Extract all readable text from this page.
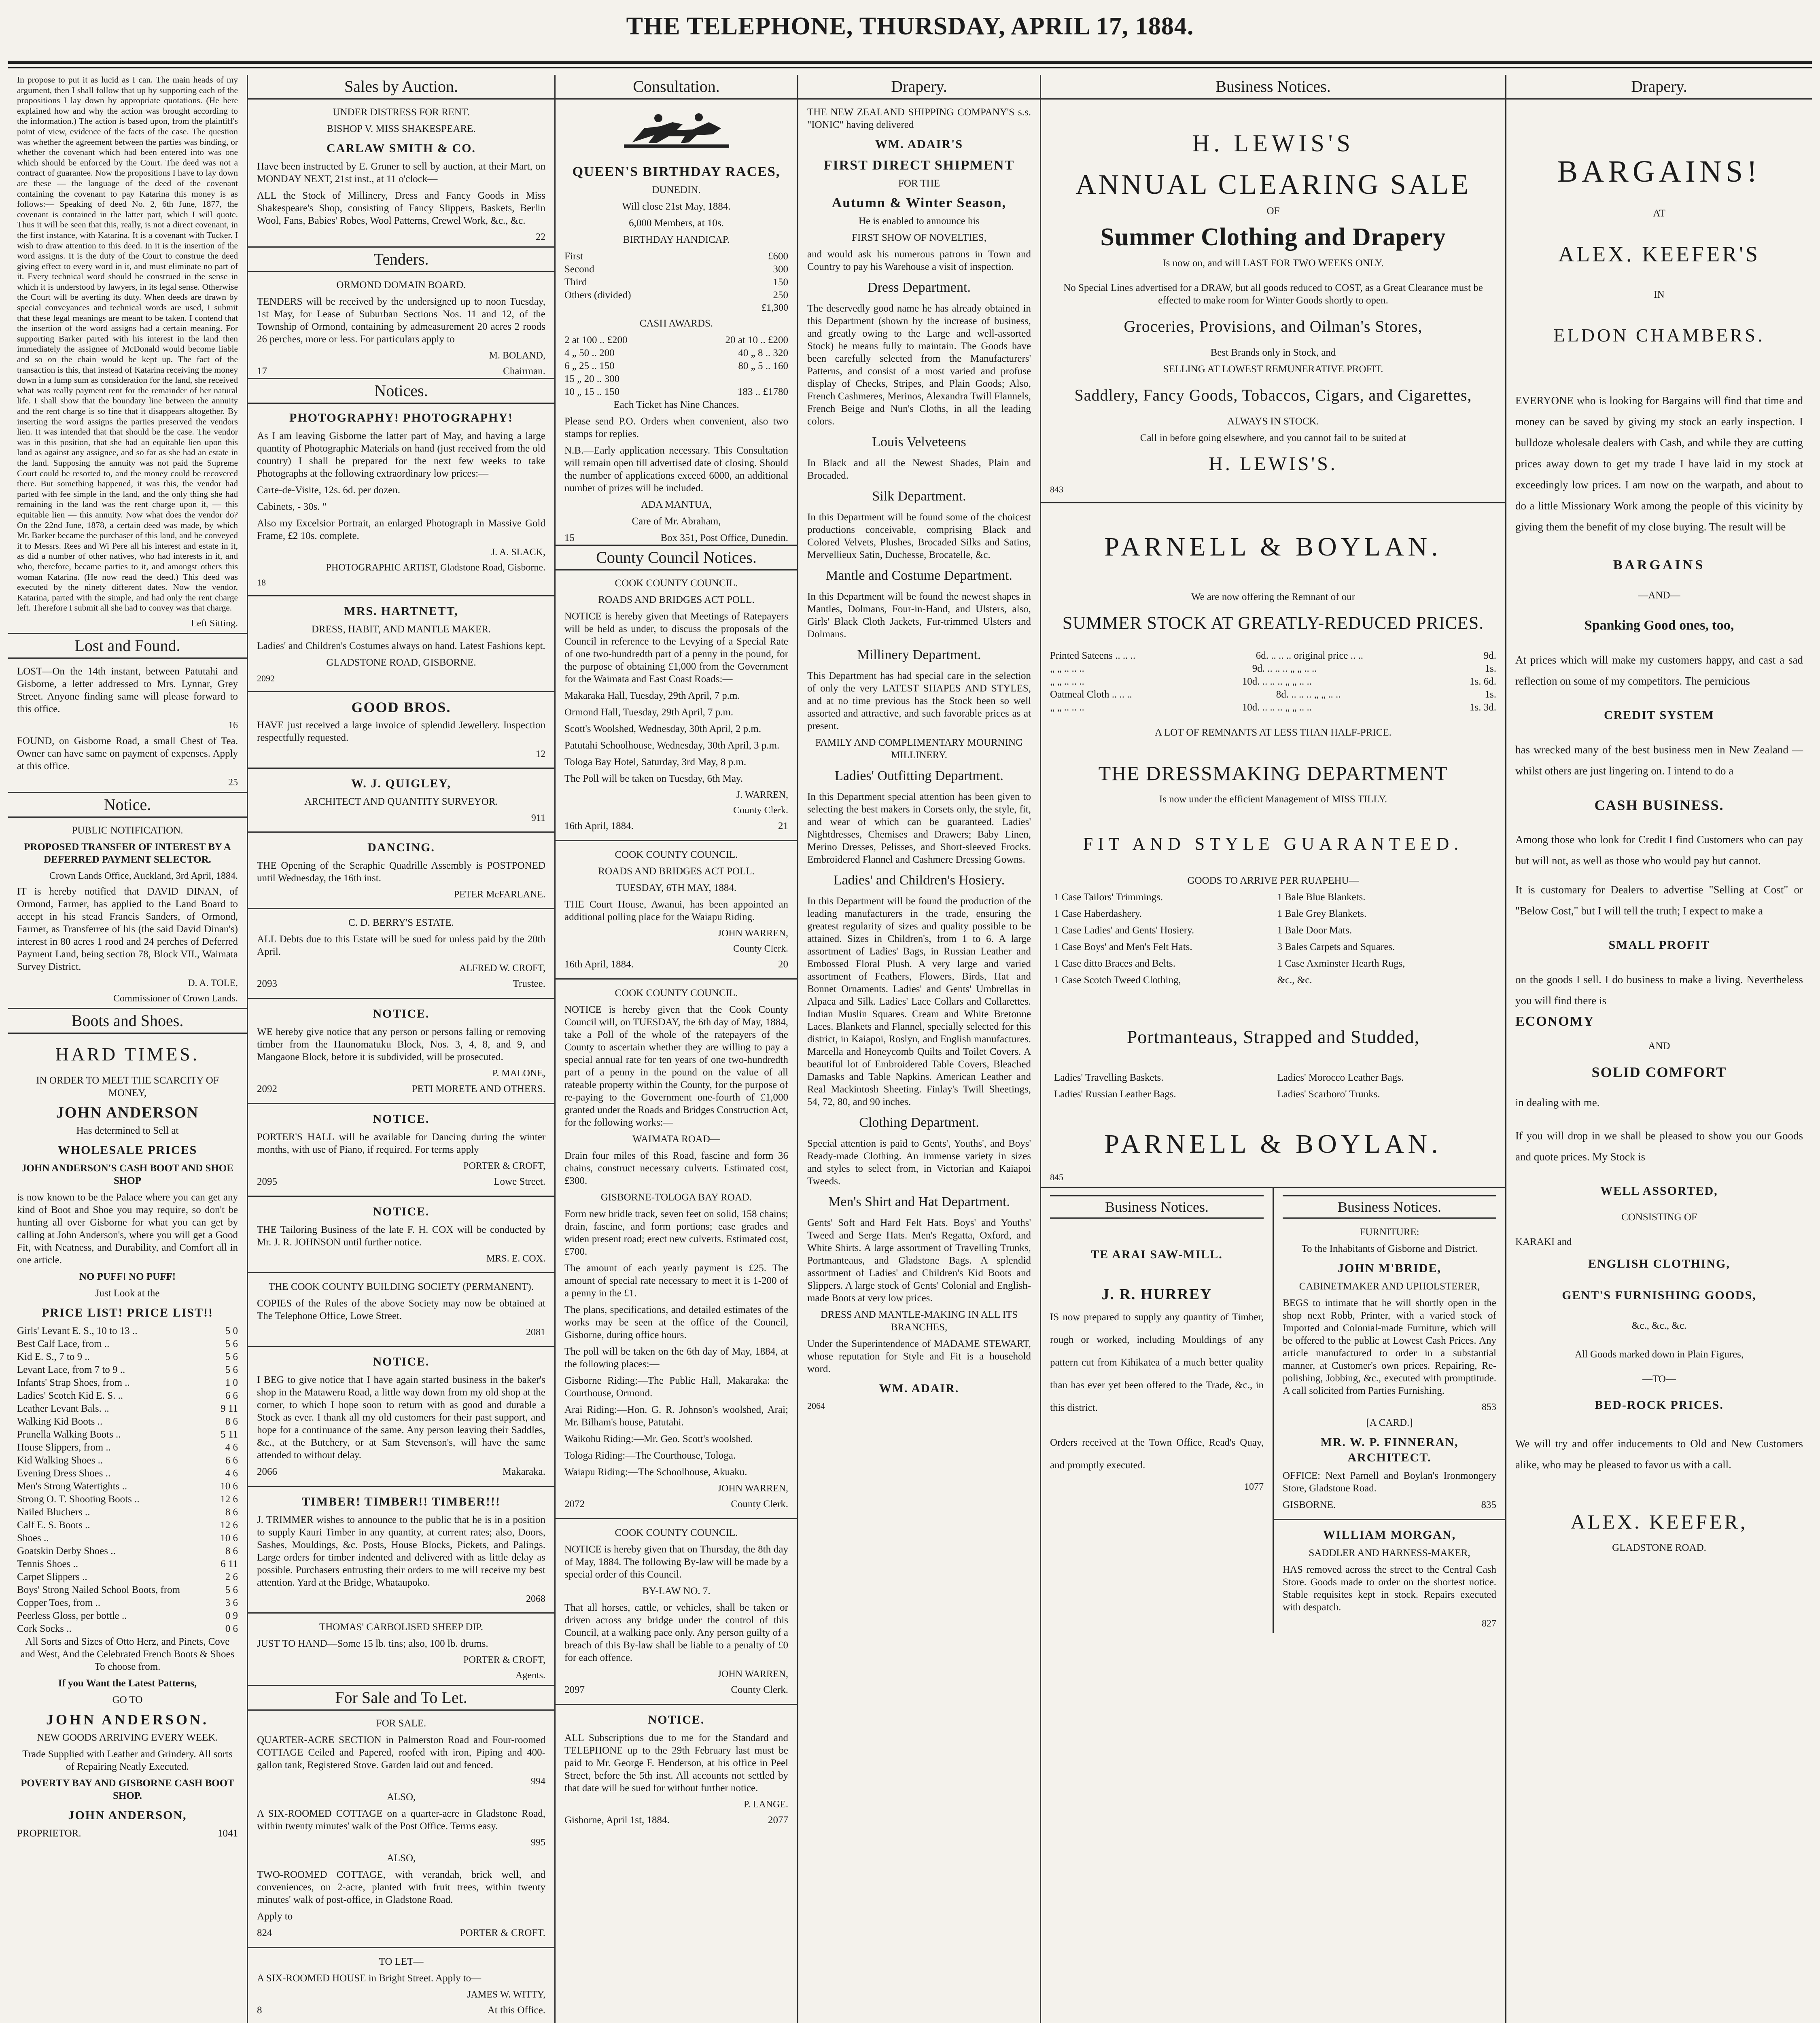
THE TELEPHONE, THURSDAY, APRIL 17, 1884.
In propose to put it as lucid as I can. The main heads of my argument, then I shall follow that up by supporting each of the propositions I lay down by appropriate quotations. (He here explained how and why the action was brought according to the information.) The action is based upon, from the plaintiff's point of view, evidence of the facts of the case. The question was whether the agreement between the parties was binding, or whether the covenant which had been entered into was one which should be enforced by the Court. The deed was not a contract of guarantee. Now the propositions I have to lay down are these — the language of the deed of the covenant containing the covenant to pay Katarina this money is as follows:— Speaking of deed No. 2, 6th June, 1877, the covenant is contained in the latter part, which I will quote. Thus it will be seen that this, really, is not a direct covenant, in the first instance, with Katarina. It is a covenant with Tucker. I wish to draw attention to this deed. In it is the insertion of the word assigns. It is the duty of the Court to construe the deed giving effect to every word in it, and must eliminate no part of it. Every technical word should be construed in the sense in which it is understood by lawyers, in its legal sense. Otherwise the Court will be averting its duty. When deeds are drawn by special conveyances and technical words are used, I submit that these legal meanings are meant to be taken. I contend that the insertion of the word assigns had a certain meaning. For supporting Barker parted with his interest in the land then immediately the assignee of McDonald would become liable and so on the chain would be kept up. The fact of the transaction is this, that instead of Katarina receiving the money down in a lump sum as consideration for the land, she received what was really payment rent for the remainder of her natural life. I shall show that the boundary line between the annuity and the rent charge is so fine that it disappears altogether. By inserting the word assigns the parties preserved the vendors lien. It was intended that that should be the case. The vendor was in this position, that she had an equitable lien upon this land as against any assignee, and so far as she had an estate in the land. Supposing the annuity was not paid the Supreme Court could be resorted to, and the money could be recovered there. But something happened, it was this, the vendor had parted with fee simple in the land, and the only thing she had remaining in the land was the rent charge upon it, — this equitable lien — this annuity. Now what does the vendor do? On the 22nd June, 1878, a certain deed was made, by which Mr. Barker became the purchaser of this land, and he conveyed it to Messrs. Rees and Wi Pere all his interest and estate in it, as did a number of other natives, who had interests in it, and who, therefore, became parties to it, and amongst others this woman Katarina. (He now read the deed.) This deed was executed by the ninety different dates. Now the vendor, Katarina, parted with the simple, and had only the rent charge left. Therefore I submit all she had to convey was that charge.
Left Sitting.
Lost and Found.
LOST—On the 14th instant, between Patutahi and Gisborne, a letter addressed to Mrs. Lynnar, Grey Street. Anyone finding same will please forward to this office.
16
FOUND, on Gisborne Road, a small Chest of Tea. Owner can have same on payment of expenses. Apply at this office.
25
Notice.
PUBLIC NOTIFICATION.
PROPOSED TRANSFER OF INTEREST BY A DEFERRED PAYMENT SELECTOR.
Crown Lands Office, Auckland, 3rd April, 1884.
IT is hereby notified that DAVID DINAN, of Ormond, Farmer, has applied to the Land Board to accept in his stead Francis Sanders, of Ormond, Farmer, as Transferree of his (the said David Dinan's) interest in 80 acres 1 rood and 24 perches of Deferred Payment Land, being section 78, Block VII., Waimata Survey District.
D. A. TOLE,
Commissioner of Crown Lands.
Boots and Shoes.
HARD TIMES.
IN ORDER TO MEET THE SCARCITY OF MONEY,
JOHN ANDERSON
Has determined to Sell at
WHOLESALE PRICES
JOHN ANDERSON'S CASH BOOT AND SHOE SHOP
is now known to be the Palace where you can get any kind of Boot and Shoe you may require, so don't be hunting all over Gisborne for what you can get by calling at John Anderson's, where you will get a Good Fit, with Neatness, and Durability, and Comfort all in one article.
NO PUFF! NO PUFF!
Just Look at the
PRICE LIST! PRICE LIST!!
Girls' Levant E. S., 10 to 13 ..	5 0
Best Calf Lace, from ..	5 6
Kid E. S., 7 to 9 ..	5 6
Levant Lace, from 7 to 9 ..	5 6
Infants' Strap Shoes, from ..	1 0
Ladies' Scotch Kid E. S. ..	6 6
Leather Levant Bals. ..	9 11
Walking Kid Boots ..	8 6
Prunella Walking Boots ..	5 11
House Slippers, from ..	4 6
Kid Walking Shoes ..	6 6
Evening Dress Shoes ..	4 6
Men's Strong Watertights ..	10 6
Strong O. T. Shooting Boots ..	12 6
Nailed Bluchers ..	8 6
Calf E. S. Boots ..	12 6
Shoes ..	10 6
Goatskin Derby Shoes ..	8 6
Tennis Shoes ..	6 11
Carpet Slippers ..	2 6
Boys' Strong Nailed School Boots, from	5 6
Copper Toes, from ..	3 6
Peerless Gloss, per bottle ..	0 9
Cork Socks ..	0 6
All Sorts and Sizes of Otto Herz, and Pinets, Cove and West, And the Celebrated French Boots & Shoes To choose from.
If you Want the Latest Patterns,
GO TO
JOHN ANDERSON.
NEW GOODS ARRIVING EVERY WEEK.
Trade Supplied with Leather and Grindery. All sorts of Repairing Neatly Executed.
POVERTY BAY AND GISBORNE CASH BOOT SHOP.
JOHN ANDERSON,
PROPRIETOR.	1041
Sales by Auction.
UNDER DISTRESS FOR RENT.
BISHOP V. MISS SHAKESPEARE.
CARLAW SMITH & CO.
Have been instructed by E. Gruner to sell by auction, at their Mart, on MONDAY NEXT, 21st inst., at 11 o'clock—
ALL the Stock of Millinery, Dress and Fancy Goods in Miss Shakespeare's Shop, consisting of Fancy Slippers, Baskets, Berlin Wool, Fans, Babies' Robes, Wool Patterns, Crewel Work, &c., &c.
22
Tenders.
ORMOND DOMAIN BOARD.
TENDERS will be received by the undersigned up to noon Tuesday, 1st May, for Lease of Suburban Sections Nos. 11 and 12, of the Township of Ormond, containing by admeasurement 20 acres 2 roods 26 perches, more or less. For particulars apply to
M. BOLAND,
17	Chairman.
Notices.
PHOTOGRAPHY! PHOTOGRAPHY!
As I am leaving Gisborne the latter part of May, and having a large quantity of Photographic Materials on hand (just received from the old country) I shall be prepared for the next few weeks to take Photographs at the following extraordinary low prices:—
Carte-de-Visite, 12s. 6d. per dozen.
Cabinets, - 30s. "
Also my Excelsior Portrait, an enlarged Photograph in Massive Gold Frame, £2 10s. complete.
J. A. SLACK,
PHOTOGRAPHIC ARTIST, Gladstone Road, Gisborne.
18
MRS. HARTNETT,
DRESS, HABIT, AND MANTLE MAKER.
Ladies' and Children's Costumes always on hand. Latest Fashions kept.
GLADSTONE ROAD, GISBORNE.
2092
GOOD BROS.
HAVE just received a large invoice of splendid Jewellery. Inspection respectfully requested.
12
W. J. QUIGLEY,
ARCHITECT AND QUANTITY SURVEYOR.
911
DANCING.
THE Opening of the Seraphic Quadrille Assembly is POSTPONED until Wednesday, the 16th inst.
PETER McFARLANE.
C. D. BERRY'S ESTATE.
ALL Debts due to this Estate will be sued for unless paid by the 20th April.
ALFRED W. CROFT,
2093	Trustee.
NOTICE.
WE hereby give notice that any person or persons falling or removing timber from the Haunomatuku Block, Nos. 3, 4, 8, and 9, and Mangaone Block, before it is subdivided, will be prosecuted.
P. MALONE,
2092	PETI MORETE AND OTHERS.
NOTICE.
PORTER'S HALL will be available for Dancing during the winter months, with use of Piano, if required. For terms apply
PORTER & CROFT,
2095	Lowe Street.
NOTICE.
THE Tailoring Business of the late F. H. COX will be conducted by Mr. J. R. JOHNSON until further notice.
MRS. E. COX.
THE COOK COUNTY BUILDING SOCIETY (PERMANENT).
COPIES of the Rules of the above Society may now be obtained at The Telephone Office, Lowe Street.
2081
NOTICE.
I BEG to give notice that I have again started business in the baker's shop in the Mataweru Road, a little way down from my old shop at the corner, to which I hope soon to return with as good and durable a Stock as ever. I thank all my old customers for their past support, and hope for a continuance of the same. Any person leaving their Saddles, &c., at the Butchery, or at Sam Stevenson's, will have the same attended to without delay.
2066	Makaraka.
TIMBER! TIMBER!! TIMBER!!!
J. TRIMMER wishes to announce to the public that he is in a position to supply Kauri Timber in any quantity, at current rates; also, Doors, Sashes, Mouldings, &c. Posts, House Blocks, Pickets, and Palings. Large orders for timber indented and delivered with as little delay as possible. Purchasers entrusting their orders to me will receive my best attention. Yard at the Bridge, Whataupoko.
2068
THOMAS' CARBOLISED SHEEP DIP.
JUST TO HAND—Some 15 lb. tins; also, 100 lb. drums.
PORTER & CROFT,
Agents.
For Sale and To Let.
FOR SALE.
QUARTER-ACRE SECTION in Palmerston Road and Four-roomed COTTAGE Ceiled and Papered, roofed with iron, Piping and 400-gallon tank, Registered Stove. Garden laid out and fenced.
994
ALSO,
A SIX-ROOMED COTTAGE on a quarter-acre in Gladstone Road, within twenty minutes' walk of the Post Office. Terms easy.
995
ALSO,
TWO-ROOMED COTTAGE, with verandah, brick well, and conveniences, on 2-acre, planted with fruit trees, within twenty minutes' walk of post-office, in Gladstone Road.
Apply to
824	PORTER & CROFT.
TO LET—
A SIX-ROOMED HOUSE in Bright Street. Apply to—
JAMES W. WITTY,
8	At this Office.
Consultation.
QUEEN'S BIRTHDAY RACES,
DUNEDIN.
Will close 21st May, 1884.
6,000 Members, at 10s.
BIRTHDAY HANDICAP.
First	£600
Second	300
Third	150
Others (divided)	250
£1,300
CASH AWARDS.
2 at 100 .. £200	20 at 10 .. £200
4 „ 50 .. 200	40 „ 8 .. 320
6 „ 25 .. 150	80 „ 5 .. 160
15 „ 20 .. 300
10 „ 15 .. 150	183 .. £1780
Each Ticket has Nine Chances.
Please send P.O. Orders when convenient, also two stamps for replies.
N.B.—Early application necessary. This Consultation will remain open till advertised date of closing. Should the number of applications exceed 6000, an additional number of prizes will be included.
ADA MANTUA,
Care of Mr. Abraham,
15	Box 351, Post Office, Dunedin.
County Council Notices.
COOK COUNTY COUNCIL.
ROADS AND BRIDGES ACT POLL.
NOTICE is hereby given that Meetings of Ratepayers will be held as under, to discuss the proposals of the Council in reference to the Levying of a Special Rate of one two-hundredth part of a penny in the pound, for the purpose of obtaining £1,000 from the Government for the Waimata and East Coast Roads:—
Makaraka Hall, Tuesday, 29th April, 7 p.m.
Ormond Hall, Tuesday, 29th April, 7 p.m.
Scott's Woolshed, Wednesday, 30th April, 2 p.m.
Patutahi Schoolhouse, Wednesday, 30th April, 3 p.m.
Tologa Bay Hotel, Saturday, 3rd May, 8 p.m.
The Poll will be taken on Tuesday, 6th May.
J. WARREN,
County Clerk.
16th April, 1884.	21
COOK COUNTY COUNCIL.
ROADS AND BRIDGES ACT POLL.
TUESDAY, 6TH MAY, 1884.
THE Court House, Awanui, has been appointed an additional polling place for the Waiapu Riding.
JOHN WARREN,
County Clerk.
16th April, 1884.	20
COOK COUNTY COUNCIL.
NOTICE is hereby given that the Cook County Council will, on TUESDAY, the 6th day of May, 1884, take a Poll of the whole of the ratepayers of the County to ascertain whether they are willing to pay a special annual rate for ten years of one two-hundredth part of a penny in the pound on the value of all rateable property within the County, for the purpose of re-paying to the Government one-fourth of £1,000 granted under the Roads and Bridges Construction Act, for the following works:—
WAIMATA ROAD—
Drain four miles of this Road, fascine and form 36 chains, construct necessary culverts. Estimated cost, £300.
GISBORNE-TOLOGA BAY ROAD.
Form new bridle track, seven feet on solid, 158 chains; drain, fascine, and form portions; ease grades and widen present road; erect new culverts. Estimated cost, £700.
The amount of each yearly payment is £25. The amount of special rate necessary to meet it is 1-200 of a penny in the £1.
The plans, specifications, and detailed estimates of the works may be seen at the office of the Council, Gisborne, during office hours.
The poll will be taken on the 6th day of May, 1884, at the following places:—
Gisborne Riding:—The Public Hall, Makaraka: the Courthouse, Ormond.
Arai Riding:—Hon. G. R. Johnson's woolshed, Arai; Mr. Bilham's house, Patutahi.
Waikohu Riding:—Mr. Geo. Scott's woolshed.
Tologa Riding:—The Courthouse, Tologa.
Waiapu Riding:—The Schoolhouse, Akuaku.
JOHN WARREN,
2072	County Clerk.
COOK COUNTY COUNCIL.
NOTICE is hereby given that on Thursday, the 8th day of May, 1884. The following By-law will be made by a special order of this Council.
BY-LAW NO. 7.
That all horses, cattle, or vehicles, shall be taken or driven across any bridge under the control of this Council, at a walking pace only. Any person guilty of a breach of this By-law shall be liable to a penalty of £0 for each offence.
JOHN WARREN,
2097	County Clerk.
NOTICE.
ALL Subscriptions due to me for the Standard and TELEPHONE up to the 29th February last must be paid to Mr. George F. Henderson, at his office in Peel Street, before the 5th inst. All accounts not settled by that date will be sued for without further notice.
P. LANGE.
Gisborne, April 1st, 1884.	2077
Drapery.
THE NEW ZEALAND SHIPPING COMPANY'S s.s. "IONIC" having delivered
WM. ADAIR'S
FIRST DIRECT SHIPMENT
FOR THE
Autumn & Winter Season,
He is enabled to announce his
FIRST SHOW OF NOVELTIES,
and would ask his numerous patrons in Town and Country to pay his Warehouse a visit of inspection.
Dress Department.
The deservedly good name he has already obtained in this Department (shown by the increase of business, and greatly owing to the Large and well-assorted Stock) he means fully to maintain. The Goods have been carefully selected from the Manufacturers' Patterns, and consist of a most varied and profuse display of Checks, Stripes, and Plain Goods; Also, French Cashmeres, Merinos, Alexandra Twill Flannels, French Beige and Nun's Cloths, in all the leading colors.
Louis Velveteens
In Black and all the Newest Shades, Plain and Brocaded.
Silk Department.
In this Department will be found some of the choicest productions conceivable, comprising Black and Colored Velvets, Plushes, Brocaded Silks and Satins, Mervellieux Satin, Duchesse, Brocatelle, &c.
Mantle and Costume Department.
In this Department will be found the newest shapes in Mantles, Dolmans, Four-in-Hand, and Ulsters, also, Girls' Black Cloth Jackets, Fur-trimmed Ulsters and Dolmans.
Millinery Department.
This Department has had special care in the selection of only the very LATEST SHAPES AND STYLES, and at no time previous has the Stock been so well assorted and attractive, and such favorable prices as at present.
FAMILY AND COMPLIMENTARY MOURNING MILLINERY.
Ladies' Outfitting Department.
In this Department special attention has been given to selecting the best makers in Corsets only, the style, fit, and wear of which can be guaranteed. Ladies' Nightdresses, Chemises and Drawers; Baby Linen, Merino Dresses, Pelisses, and Short-sleeved Frocks. Embroidered Flannel and Cashmere Dressing Gowns.
Ladies' and Children's Hosiery.
In this Department will be found the production of the leading manufacturers in the trade, ensuring the greatest regularity of sizes and quality possible to be attained. Sizes in Children's, from 1 to 6. A large assortment of Ladies' Bags, in Russian Leather and Embossed Floral Plush. A very large and varied assortment of Feathers, Flowers, Birds, Hat and Bonnet Ornaments. Ladies' and Gents' Umbrellas in Alpaca and Silk. Ladies' Lace Collars and Collarettes. Indian Muslin Squares. Cream and White Bretonne Laces. Blankets and Flannel, specially selected for this district, in Kaiapoi, Roslyn, and English manufactures. Marcella and Honeycomb Quilts and Toilet Covers. A beautiful lot of Embroidered Table Covers, Bleached Damasks and Table Napkins. American Leather and Real Mackintosh Sheeting. Finlay's Twill Sheetings, 54, 72, 80, and 90 inches.
Clothing Department.
Special attention is paid to Gents', Youths', and Boys' Ready-made Clothing. An immense variety in sizes and styles to select from, in Victorian and Kaiapoi Tweeds.
Men's Shirt and Hat Department.
Gents' Soft and Hard Felt Hats. Boys' and Youths' Tweed and Serge Hats. Men's Regatta, Oxford, and White Shirts. A large assortment of Travelling Trunks, Portmanteaus, and Gladstone Bags. A splendid assortment of Ladies' and Children's Kid Boots and Slippers. A large stock of Gents' Colonial and English-made Boots at very low prices.
DRESS AND MANTLE-MAKING IN ALL ITS BRANCHES,
Under the Superintendence of MADAME STEWART, whose reputation for Style and Fit is a household word.
WM. ADAIR.
2064
Business Notices.
H. LEWIS'S
ANNUAL CLEARING SALE
OF
Summer Clothing and Drapery
Is now on, and will LAST FOR TWO WEEKS ONLY.
No Special Lines advertised for a DRAW, but all goods reduced to COST, as a Great Clearance must be effected to make room for Winter Goods shortly to open.
Groceries, Provisions, and Oilman's Stores,
Best Brands only in Stock, and
SELLING AT LOWEST REMUNERATIVE PROFIT.
Saddlery, Fancy Goods, Tobaccos, Cigars, and Cigarettes,
ALWAYS IN STOCK.
Call in before going elsewhere, and you cannot fail to be suited at
H. LEWIS'S.
843
PARNELL & BOYLAN.
We are now offering the Remnant of our
SUMMER STOCK AT GREATLY-REDUCED PRICES.
Printed Sateens .. .. ..	6d. .. .. .. original price .. ..	9d.
„ „ .. .. ..	9d. .. .. .. „ „ .. ..	1s.
„ „ .. .. ..	10d. .. .. .. „ „ .. ..	1s. 6d.
Oatmeal Cloth .. .. ..	8d. .. .. .. „ „ .. ..	1s.
„ „ .. .. ..	10d. .. .. .. „ „ .. ..	1s. 3d.
A LOT OF REMNANTS AT LESS THAN HALF-PRICE.
THE DRESSMAKING DEPARTMENT
Is now under the efficient Management of MISS TILLY.
FIT AND STYLE GUARANTEED.
GOODS TO ARRIVE PER RUAPEHU—
1 Case Tailors' Trimmings.
1 Case Haberdashery.
1 Case Ladies' and Gents' Hosiery.
1 Case Boys' and Men's Felt Hats.
1 Case ditto Braces and Belts.
1 Case Scotch Tweed Clothing,
1 Bale Blue Blankets.
1 Bale Grey Blankets.
1 Bale Door Mats.
3 Bales Carpets and Squares.
1 Case Axminster Hearth Rugs,
&c., &c.
Portmanteaus, Strapped and Studded,
Ladies' Travelling Baskets.
Ladies' Russian Leather Bags.
Ladies' Morocco Leather Bags.
Ladies' Scarboro' Trunks.
PARNELL & BOYLAN.
845
Business Notices.
TE ARAI SAW-MILL.
J. R. HURREY
IS now prepared to supply any quantity of Timber, rough or worked, including Mouldings of any pattern cut from Kihikatea of a much better quality than has ever yet been offered to the Trade, &c., in this district.
Orders received at the Town Office, Read's Quay, and promptly executed.
1077
Business Notices.
FURNITURE:
To the Inhabitants of Gisborne and District.
JOHN M'BRIDE,
CABINETMAKER AND UPHOLSTERER,
BEGS to intimate that he will shortly open in the shop next Robb, Printer, with a varied stock of Imported and Colonial-made Furniture, which will be offered to the public at Lowest Cash Prices. Any article manufactured to order in a substantial manner, at Customer's own prices. Repairing, Re-polishing, Jobbing, &c., executed with promptitude. A call solicited from Parties Furnishing.
853
[A CARD.]
MR. W. P. FINNERAN, ARCHITECT.
OFFICE: Next Parnell and Boylan's Ironmongery Store, Gladstone Road.
GISBORNE.	835
WILLIAM MORGAN,
SADDLER AND HARNESS-MAKER,
HAS removed across the street to the Central Cash Store. Goods made to order on the shortest notice. Stable requisites kept in stock. Repairs executed with despatch.
827
Drapery.
BARGAINS!
AT
ALEX. KEEFER'S
IN
ELDON CHAMBERS.
EVERYONE who is looking for Bargains will find that time and money can be saved by giving my stock an early inspection. I bulldoze wholesale dealers with Cash, and while they are cutting prices away down to get my trade I have laid in my stock at exceedingly low prices. I am now on the warpath, and about to do a little Missionary Work among the people of this vicinity by giving them the benefit of my close buying. The result will be
BARGAINS
—AND—
Spanking Good ones, too,
At prices which will make my customers happy, and cast a sad reflection on some of my competitors. The pernicious
CREDIT SYSTEM
has wrecked many of the best business men in New Zealand — whilst others are just lingering on. I intend to do a
CASH BUSINESS.
Among those who look for Credit I find Customers who can pay but will not, as well as those who would pay but cannot.
It is customary for Dealers to advertise "Selling at Cost" or "Below Cost," but I will tell the truth; I expect to make a
SMALL PROFIT
on the goods I sell. I do business to make a living. Nevertheless you will find there is
ECONOMY
AND
SOLID COMFORT
in dealing with me.
If you will drop in we shall be pleased to show you our Goods and quote prices. My Stock is
WELL ASSORTED,
CONSISTING OF
KARAKI and
ENGLISH CLOTHING,
GENT'S FURNISHING GOODS,
&c., &c., &c.
All Goods marked down in Plain Figures,
—TO—
BED-ROCK PRICES.
We will try and offer inducements to Old and New Customers alike, who may be pleased to favor us with a call.
ALEX. KEEFER,
GLADSTONE ROAD.
